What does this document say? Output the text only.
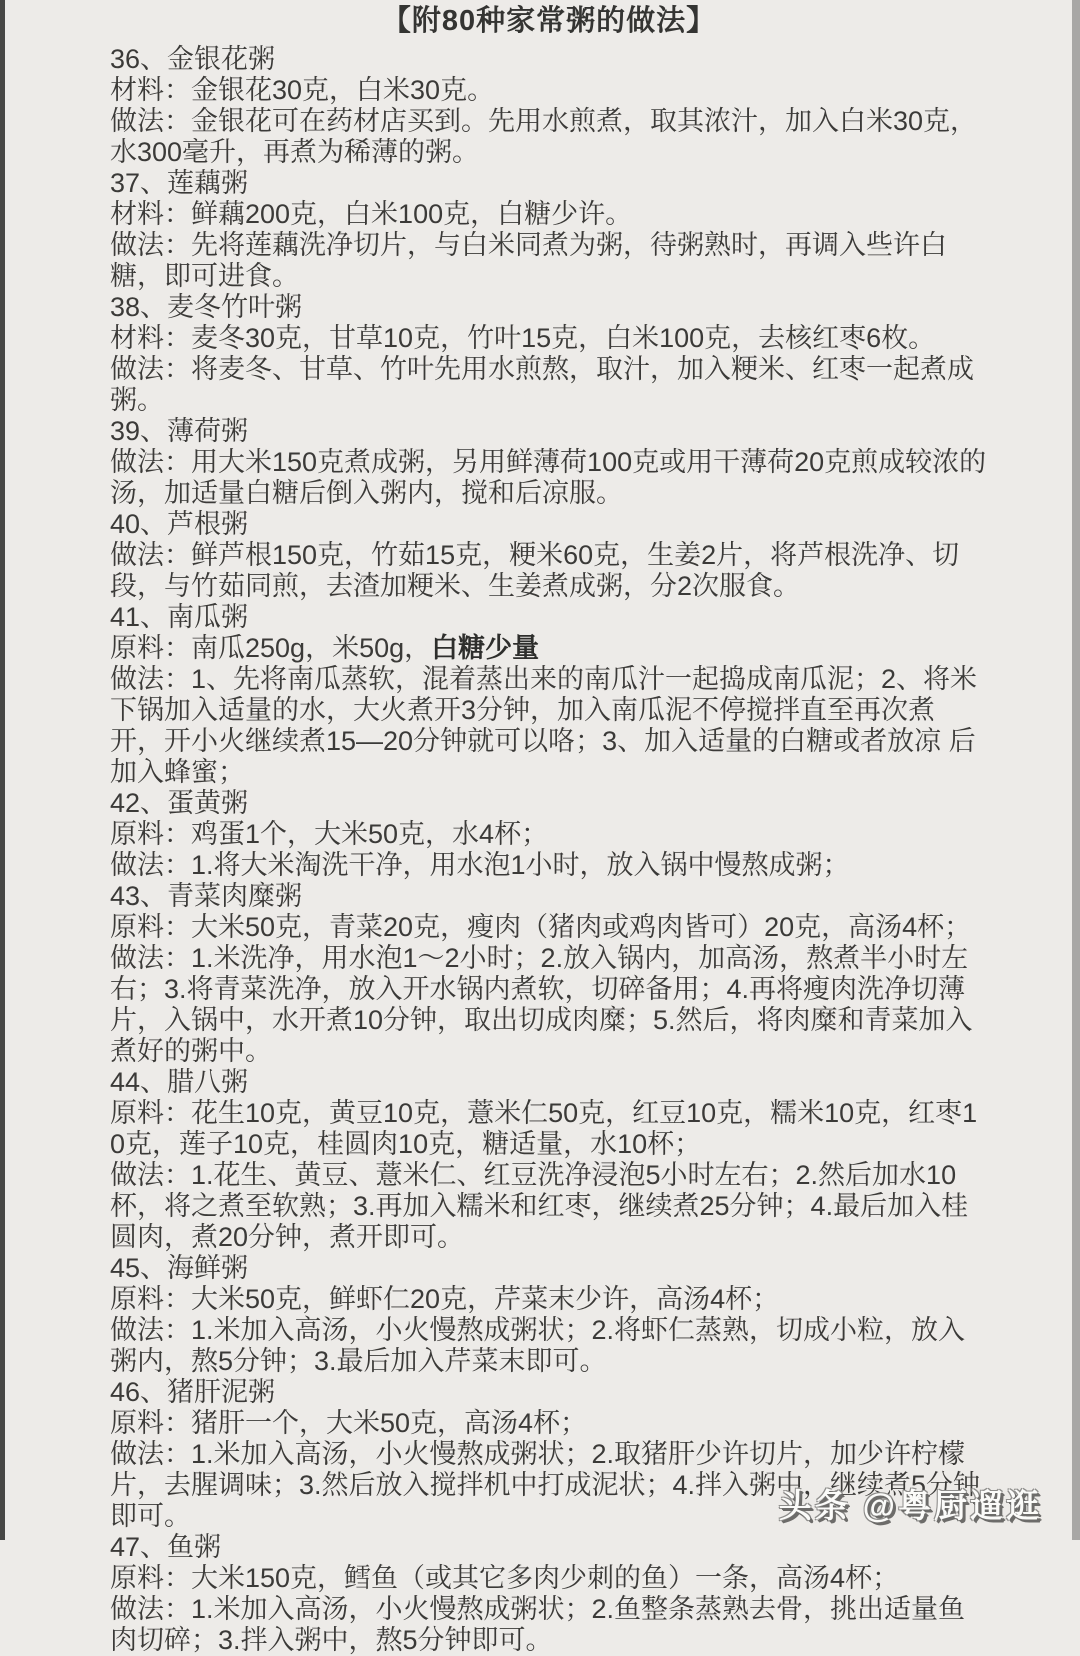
【附80种家常粥的做法】

36、金银花粥

材料：金银花30克，白米30克。

做法：金银花可在药材店买到。先用水煎煮，取其浓汁，加入白米30克，水300毫升，再煮为稀薄的粥。

37、莲藕粥

材料：鲜藕200克，白米100克，白糖少许。

做法：先将莲藕洗净切片，与白米同煮为粥，待粥熟时，再调入些许白糖，即可进食。

38、麦冬竹叶粥

材料：麦冬30克，甘草10克，竹叶15克，白米100克，去核红枣6枚。

做法：将麦冬、甘草、竹叶先用水煎熬，取汁，加入粳米、红枣一起煮成粥。

39、薄荷粥

做法：用大米150克煮成粥，另用鲜薄荷100克或用干薄荷20克煎成较浓的汤，加适量白糖后倒入粥内，搅和后凉服。

40、芦根粥

做法：鲜芦根150克，竹茹15克，粳米60克，生姜2片，将芦根洗净、切段，与竹茹同煎，去渣加粳米、生姜煮成粥，分2次服食。

41、南瓜粥

原料：南瓜250g，米50g，白糖少量

做法：1、先将南瓜蒸软，混着蒸出来的南瓜汁一起捣成南瓜泥；2、将米下锅加入适量的水，大火煮开3分钟，加入南瓜泥不停搅拌直至再次煮开，开小火继续煮15—20分钟就可以咯；3、加入适量的白糖或者放凉 后加入蜂蜜；

42、蛋黄粥

原料：鸡蛋1个，大米50克，水4杯；

做法：1.将大米淘洗干净，用水泡1小时，放入锅中慢熬成粥；

43、青菜肉糜粥

原料：大米50克，青菜20克，瘦肉（猪肉或鸡肉皆可）20克，高汤4杯；

做法：1.米洗净，用水泡1～2小时；2.放入锅内，加高汤，熬煮半小时左右；3.将青菜洗净，放入开水锅内煮软，切碎备用；4.再将瘦肉洗净切薄片，入锅中，水开煮10分钟，取出切成肉糜；5.然后，将肉糜和青菜加入煮好的粥中。

44、腊八粥

原料：花生10克，黄豆10克，薏米仁50克，红豆10克，糯米10克，红枣10克，莲子10克，桂圆肉10克，糖适量，水10杯；

做法：1.花生、黄豆、薏米仁、红豆洗净浸泡5小时左右；2.然后加水10杯，将之煮至软熟；3.再加入糯米和红枣，继续煮25分钟；4.最后加入桂圆肉，煮20分钟，煮开即可。

45、海鲜粥

原料：大米50克，鲜虾仁20克，芹菜末少许，高汤4杯；

做法：1.米加入高汤，小火慢熬成粥状；2.将虾仁蒸熟，切成小粒，放入粥内，熬5分钟；3.最后加入芹菜末即可。

46、猪肝泥粥

原料：猪肝一个，大米50克，高汤4杯；

做法：1.米加入高汤，小火慢熬成粥状；2.取猪肝少许切片，加少许柠檬片，去腥调味；3.然后放入搅拌机中打成泥状；4.拌入粥中，继续煮5分钟即可。

47、鱼粥

原料：大米150克，鳕鱼（或其它多肉少刺的鱼）一条，高汤4杯；

做法：1.米加入高汤，小火慢熬成粥状；2.鱼整条蒸熟去骨，挑出适量鱼肉切碎；3.拌入粥中，熬5分钟即可。

头条 @粤厨遛逛
